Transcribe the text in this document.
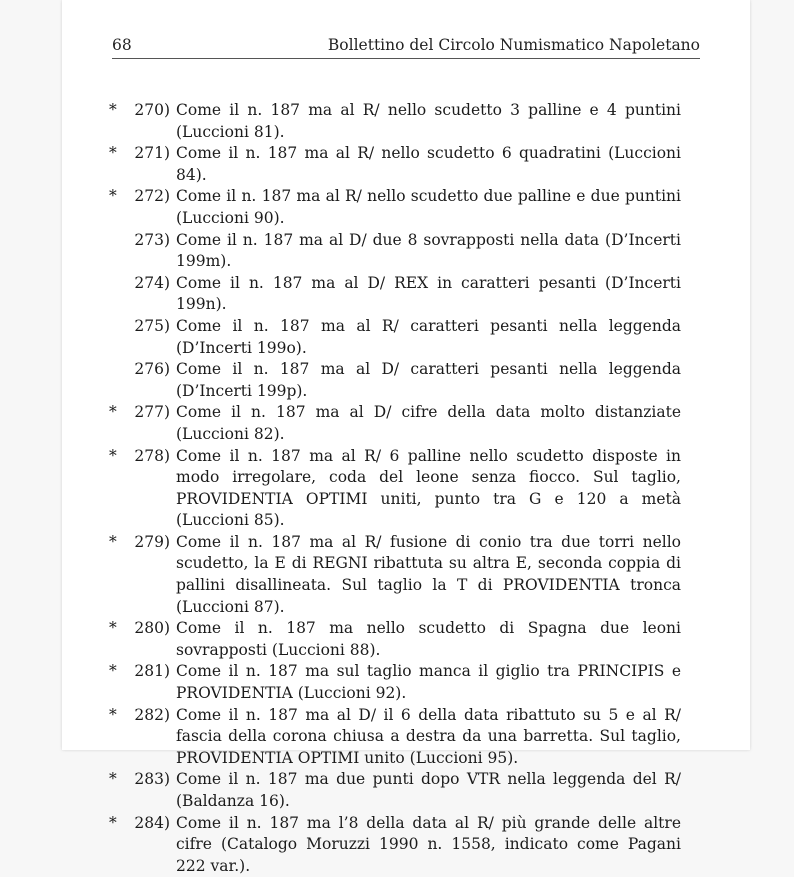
68	Bollettino del Circolo Numismatico Napoletano
*	270) Come il n. 187 ma al R/ nello scudetto 3 palline e 4 puntini (Luccioni 81).
*	271) Come il n. 187 ma al R/ nello scudetto 6 quadratini (Luccioni 84).
*	272) Come il n. 187 ma al R/ nello scudetto due palline e due puntini (Luccioni 90).
273) Come il n. 187 ma al D/ due 8 sovrapposti nella data (D’Incerti 199m).
274) Come il n. 187 ma al D/ REX in caratteri pesanti (D’Incerti 199n).
275) Come il n. 187 ma al R/ caratteri pesanti nella leggenda (D’Incerti 199o).
276) Come il n. 187 ma al D/ caratteri pesanti nella leggenda (D’Incerti 199p).
*	277) Come il n. 187 ma al D/ cifre della data molto distanziate (Luccioni 82).
*	278) Come il n. 187 ma al R/ 6 palline nello scudetto disposte in modo irregolare, coda del leone senza fiocco. Sul taglio, PROVIDENTIA OPTIMI uniti, punto tra G e 120 a metà (Luccioni 85).
*	279) Come il n. 187 ma al R/ fusione di conio tra due torri nello scudetto, la E di REGNI ribattuta su altra E, seconda coppia di pallini disallineata. Sul taglio la T di PROVIDENTIA tronca (Luccioni 87).
*	280) Come il n. 187 ma nello scudetto di Spagna due leoni sovrapposti (Luccioni 88).
*	281) Come il n. 187 ma sul taglio manca il giglio tra PRINCIPIS e PROVIDENTIA (Luccioni 92).
*	282) Come il n. 187 ma al D/ il 6 della data ribattuto su 5 e al R/ fascia della corona chiusa a destra da una barretta. Sul taglio, PROVIDENTIA OPTIMI unito (Luccioni 95).
*	283) Come il n. 187 ma due punti dopo VTR nella leggenda del R/ (Baldanza 16).
*	284) Come il n. 187 ma l’8 della data al R/ più grande delle altre cifre (Catalogo Moruzzi 1990 n. 1558, indicato come Pagani 222 var.).
